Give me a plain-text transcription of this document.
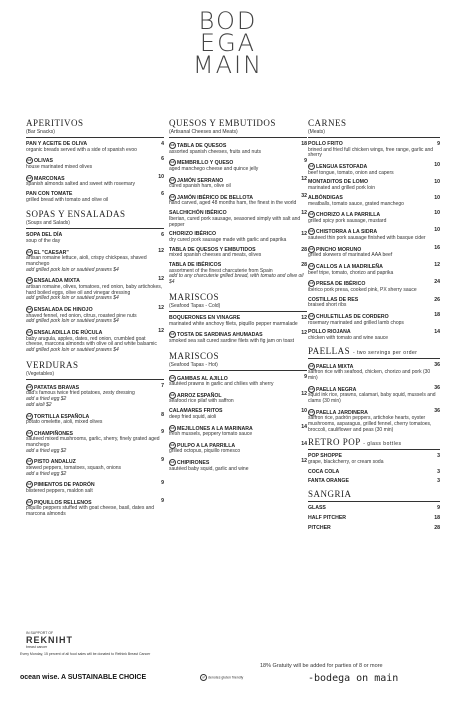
BOD
EGA
MAIN

APERITIVOS

(Bar Snacks)

PAN Y ACEITE DE OLIVA	4
organic breads served with a side of spanish evoo
GF OLIVAS	6
house marinated mixed olives
GF MARCONAS	10
spanish almonds salted and sweet with rosemary
PAN CON TOMATE	6
grilled bread with tomato and olive oil

SOPAS Y ENSALADAS

(Soups and Salads)

SOPA DEL DÍA	6
soup of the day
GF EL "CAESAR"	12
artisan romaine lettuce, aioli, crispy chickpeas, shaved manchego
add grilled pork loin or sautéed prawns $4
GF ENSALADA MIXTA	12
artisan romaine, olives, tomatoes, red onion, baby artichokes, hard boiled eggs, olive oil and vinegar dressing
add grilled pork loin or sautéed prawns $4
GF ENSALADA DE HINOJO	12
shaved fennel, red onion, citrus, roasted pine nuts
add grilled pork loin or sautéed prawns $4
GF ENSALADILLA DE RÚCULA	12
baby arugula, apples, dates, red onion, crumbled goat cheese, marcona almonds with olive oil and white balsamic
add grilled pork loin or sautéed prawns $4

VERDURAS

(Vegetables)

GF PATATAS BRAVAS	7
dad's famous twice fried potatoes, zesty dressing
add a fried egg $2
add aioli $2
GF TORTILLA ESPAÑOLA	8
potato omelette, aioli, mixed olives
GF CHAMPIÑONES	9
sauteed mixed mushrooms, garlic, sherry, finely grated aged manchego
add a fried egg $2
GF PISTO ANDALUZ	9
stewed peppers, tomatoes, squash, onions
add a fried egg $2
GF PIMIENTOS DE PADRÓN	9
blistered peppers, maldon salt
GF PIQUILLOS RELLENOS	9
piquillo peppers stuffed with goat cheese, basil, dates and marcona almonds

QUESOS Y EMBUTIDOS

(Artisanal Cheeses and Meats)

GF TABLA DE QUESOS	18
assorted spanish cheeses, fruits and nuts
GF MEMBRILLO Y QUESO	9
aged manchego cheese and quince jelly
GF JAMÓN SERRANO	12
cured spanish ham, olive oil
GF JAMÓN IBÉRICO DE BELLOTA	32
hand carved, aged 48 months ham, the finest in the world
SALCHICHÓN IBÉRICO	12
Iberian, cured pork sausage, seasoned simply with salt and pepper
CHORIZO IBÉRICO	12
dry cured pork sausage made with garlic and paprika
TABLA DE QUESOS Y EMBUTIDOS	28
mixed spanish cheeses and meats, olives
TABLA DE IBÉRICOS	28
assortment of the finest charcuterie from Spain
add to any charcuterie grilled bread, with tomato and olive oil $4

MARISCOS

(Seafood Tapas - Cold)

BOQUERONES EN VINAGRE	12
marinated white anchovy filets, piquillo pepper marmalade
GF TOSTA DE SARDINAS AHUMADAS	12
smoked sea salt cured sardine filets with fig jam on toast

MARISCOS

(Seafood Tapas - Hot)

GF GAMBAS AL AJILLO	9
sautéed prawns in garlic and chilies with sherry
GF ARROZ ESPAÑOL	12
seafood rice pilaf with saffron
CALAMARES FRITOS	10
deep fried squid, aioli
GF MEJILLONES A LA MARINARA	14
fresh mussels, peppery tomato sauce
GF PULPO A LA PARRILLA	14
grilled octopus, piquillo romesco
GF CHIPIRONES	12
sautéed baby squid, garlic and wine

CARNES

(Meats)

POLLO FRITO	9
brined and fried full chicken wings, free range, garlic and sherry
GF LENGUA ESTOFADA	10
beef tongue, tomato, onion and capers
MONTADITOS DE LOMO	10
marinated and grilled pork loin
ALBÓNDIGAS	10
meatballs, tomato sauce, grated manchego
GF CHORIZO A LA PARRILLA	10
grilled spicy pork sausage, mustard
GF CHISTORRA A LA SIDRA	10
sauteed thin pork sausage finished with basque cider
GF PINCHO MORUNO	16
grilled skewers of marinated AAA beef
GF CALLOS A LA MADRILEÑA	12
beef tripe, tomato, chorizo and paprika
GF PRESA DE IBÉRICO	24
ibérico pork presa, cooked pink, PX sherry sauce
COSTILLAS DE RES	26
braised short ribs
GF CHULETILLAS DE CORDERO	18
rosemary marinated and grilled lamb chops
POLLO RIOJANA	14
chicken with tomato and wine sauce

PAELLAS - two servings per order

GF PAELLA MIXTA	36
saffron rice with seafood, chicken, chorizo and pork (30 min)
GF PAELLA NEGRA	36
squid ink rice, prawns, calamari, baby squid, mussels and clams (30 min)
GF PAELLA JARDINERA	36
saffron rice, padrón peppers, artichoke hearts, oyster mushrooms, asparagus, grilled fennel, cherry tomatoes, broccoli, cauliflower and peas (30 min)

RETRO POP - glass bottles

POP SHOPPE	3
grape, blackcherry, or cream soda
COCA COLA	3
FANTA ORANGE	3

SANGRIA

GLASS	9
HALF PITCHER	18
PITCHER	28
IN SUPPORT OF
REKNIHT
breast cancer
Every Monday, 15 percent of all food sales will be donated to Rethink Breast Cancer
ocean wise. A SUSTAINABLE CHOICE	gf denotes gluten friendly
18% Gratuity will be added for parties of 8 or more
-bodega on main
